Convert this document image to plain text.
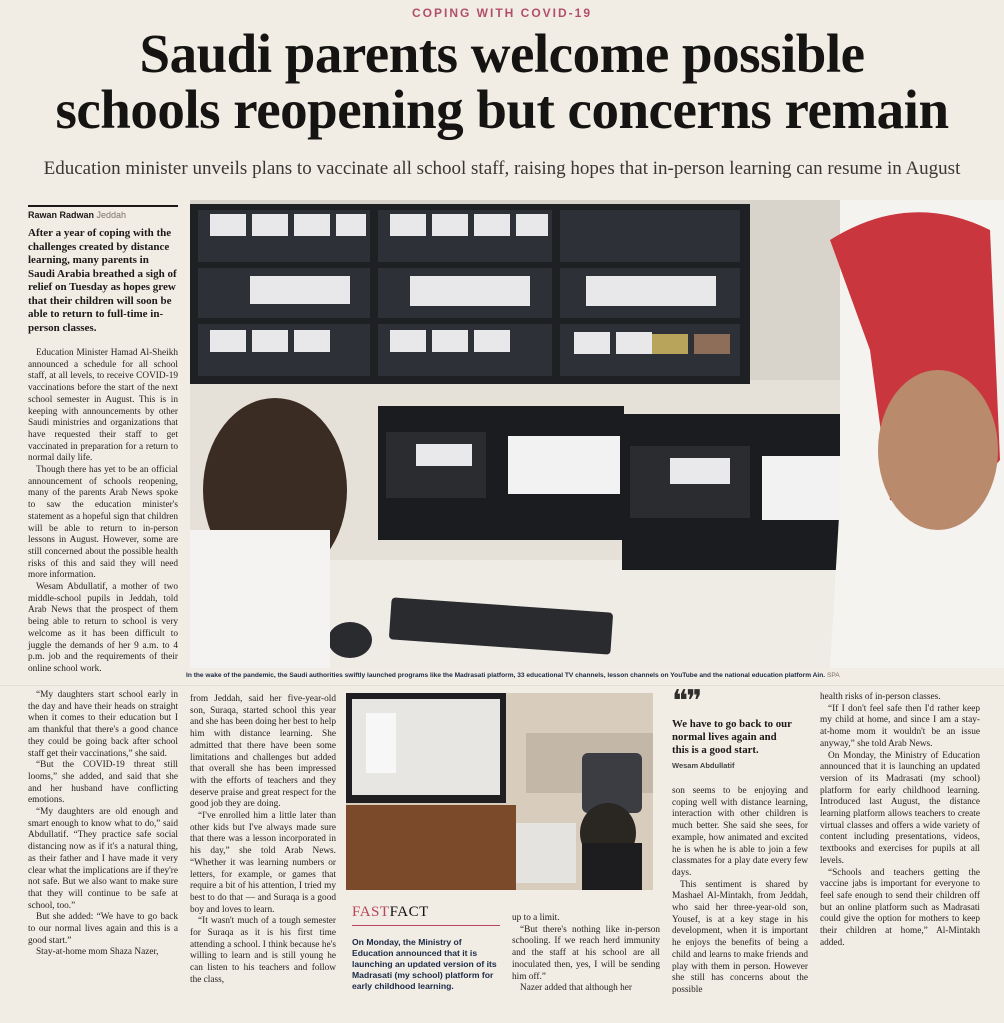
COPING WITH COVID-19
Saudi parents welcome possible
schools reopening but concerns remain
Education minister unveils plans to vaccinate all school staff, raising hopes that in-person learning can resume in August
Rawan Radwan Jeddah
After a year of coping with the challenges created by distance learning, many parents in Saudi Arabia breathed a sigh of relief on Tuesday as hopes grew that their children will soon be able to return to full-time in-person classes.

Education Minister Hamad Al-Sheikh announced a schedule for all school staff, at all levels, to receive COVID-19 vaccinations before the start of the next school semester in August. This is in keeping with announcements by other Saudi ministries and organizations that have requested their staff to get vaccinated in preparation for a return to normal daily life.

Though there has yet to be an official announcement of schools reopening, many of the parents Arab News spoke to saw the education minister's statement as a hopeful sign that children will be able to return to in-person lessons in August. However, some are still concerned about the possible health risks of this and said they will need more information.

Wesam Abdullatif, a mother of two middle-school pupils in Jeddah, told Arab News that the prospect of them being able to return to school is very welcome as it has been difficult to juggle the demands of her 9 a.m. to 4 p.m. job and the requirements of their online school work.

In the wake of the pandemic, the Saudi authorities swiftly launched programs like the Madrasati platform, 33 educational TV channels, lesson channels on YouTube and the national education platform Ain. SPA

“My daughters start school early in the day and have their heads on straight when it comes to their education but I am thankful that there's a good chance they could be going back after school staff get their vaccinations,” she said.

“But the COVID-19 threat still looms,” she added, and said that she and her husband have conflicting emotions.

“My daughters are old enough and smart enough to know what to do,” said Abdullatif. “They practice safe social distancing now as if it's a natural thing, as their father and I have made it very clear what the implications are if they're not safe. But we also want to make sure that they will continue to be safe at school, too.”

But she added: “We have to go back to our normal lives again and this is a good start.”

Stay-at-home mom Shaza Nazer,

from Jeddah, said her five-year-old son, Suraqa, started school this year and she has been doing her best to help him with distance learning. She admitted that there have been some limitations and challenges but added that overall she has been impressed with the efforts of teachers and they deserve praise and great respect for the good job they are doing.

“I've enrolled him a little later than other kids but I've always made sure that there was a lesson incorporated in his day,” she told Arab News. “Whether it was learning numbers or letters, for example, or games that require a bit of his attention, I tried my best to do that — and Suraqa is a good boy and loves to learn.

“It wasn't much of a tough semester for Suraqa as it is his first time attending a school. I think because he's willing to learn and is still young he can listen to his teachers and follow the class,

FASTFACT
On Monday, the Ministry of Education announced that it is launching an updated version of its Madrasati (my school) platform for early childhood learning.

up to a limit.

“But there's nothing like in-person schooling. If we reach herd immunity and the staff at his school are all inoculated then, yes, I will be sending him off.”

Nazer added that although her

❝❞
We have to go back to our normal lives again and this is a good start.
Wesam Abdullatif

son seems to be enjoying and coping well with distance learning, interaction with other children is much better. She said she sees, for example, how animated and excited he is when he is able to join a few classmates for a play date every few days.

This sentiment is shared by Mashael Al-Mintakh, from Jeddah, who said her three-year-old son, Yousef, is at a key stage in his development, when it is important he enjoys the benefits of being a child and learns to make friends and play with them in person. However she still has concerns about the possible

health risks of in-person classes.

“If I don't feel safe then I'd rather keep my child at home, and since I am a stay-at-home mom it wouldn't be an issue anyway,” she told Arab News.

On Monday, the Ministry of Education announced that it is launching an updated version of its Madrasati (my school) platform for early childhood learning. Introduced last August, the distance learning platform allows teachers to create virtual classes and offers a wide variety of content including presentations, videos, textbooks and exercises for pupils at all levels.

“Schools and teachers getting the vaccine jabs is important for everyone to feel safe enough to send their children off but an online platform such as Madrasati could give the option for mothers to keep their children at home,” Al-Mintakh added.
